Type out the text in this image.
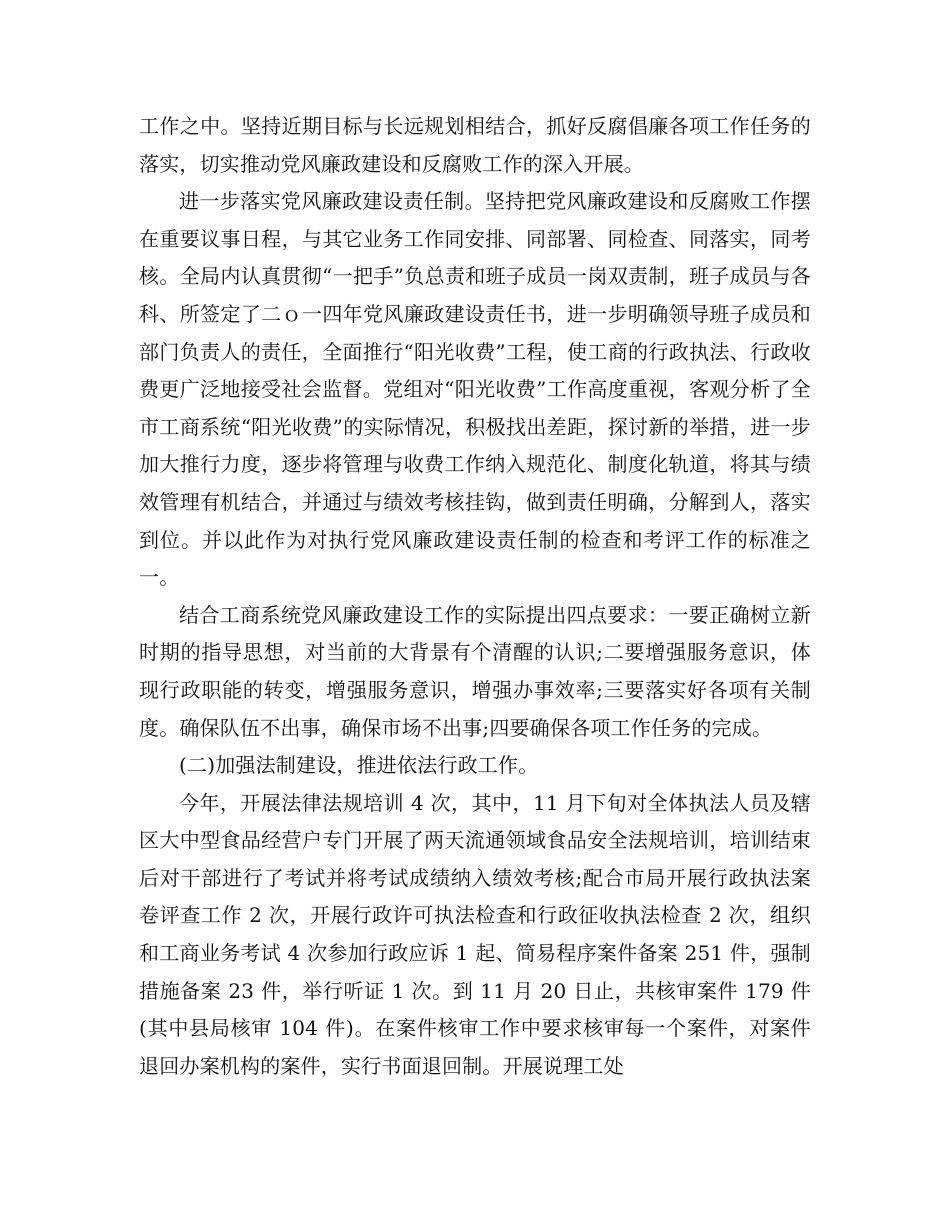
工作之中。坚持近期目标与长远规划相结合，抓好反腐倡廉各项工作任务的落实，切实推动党风廉政建设和反腐败工作的深入开展。

进一步落实党风廉政建设责任制。坚持把党风廉政建设和反腐败工作摆在重要议事日程，与其它业务工作同安排、同部署、同检查、同落实，同考核。全局内认真贯彻“一把手”负总责和班子成员一岗双责制，班子成员与各科、所签定了二ｏ一四年党风廉政建设责任书，进一步明确领导班子成员和部门负责人的责任，全面推行“阳光收费”工程，使工商的行政执法、行政收费更广泛地接受社会监督。党组对“阳光收费”工作高度重视，客观分析了全市工商系统“阳光收费”的实际情况，积极找出差距，探讨新的举措，进一步加大推行力度，逐步将管理与收费工作纳入规范化、制度化轨道，将其与绩效管理有机结合，并通过与绩效考核挂钩，做到责任明确，分解到人，落实到位。并以此作为对执行党风廉政建设责任制的检查和考评工作的标准之一。

结合工商系统党风廉政建设工作的实际提出四点要求：一要正确树立新时期的指导思想，对当前的大背景有个清醒的认识;二要增强服务意识，体现行政职能的转变，增强服务意识，增强办事效率;三要落实好各项有关制度。确保队伍不出事，确保市场不出事;四要确保各项工作任务的完成。

(二)加强法制建设，推进依法行政工作。

今年，开展法律法规培训 4 次，其中，11 月下旬对全体执法人员及辖区大中型食品经营户专门开展了两天流通领域食品安全法规培训，培训结束后对干部进行了考试并将考试成绩纳入绩效考核;配合市局开展行政执法案卷评查工作 2 次，开展行政许可执法检查和行政征收执法检查 2 次，组织和工商业务考试 4 次参加行政应诉 1 起、简易程序案件备案 251 件，强制措施备案 23 件，举行听证 1 次。到 11 月 20 日止，共核审案件 179 件(其中县局核审 104 件)。在案件核审工作中要求核审每一个案件，对案件退回办案机构的案件，实行书面退回制。开展说理工处
